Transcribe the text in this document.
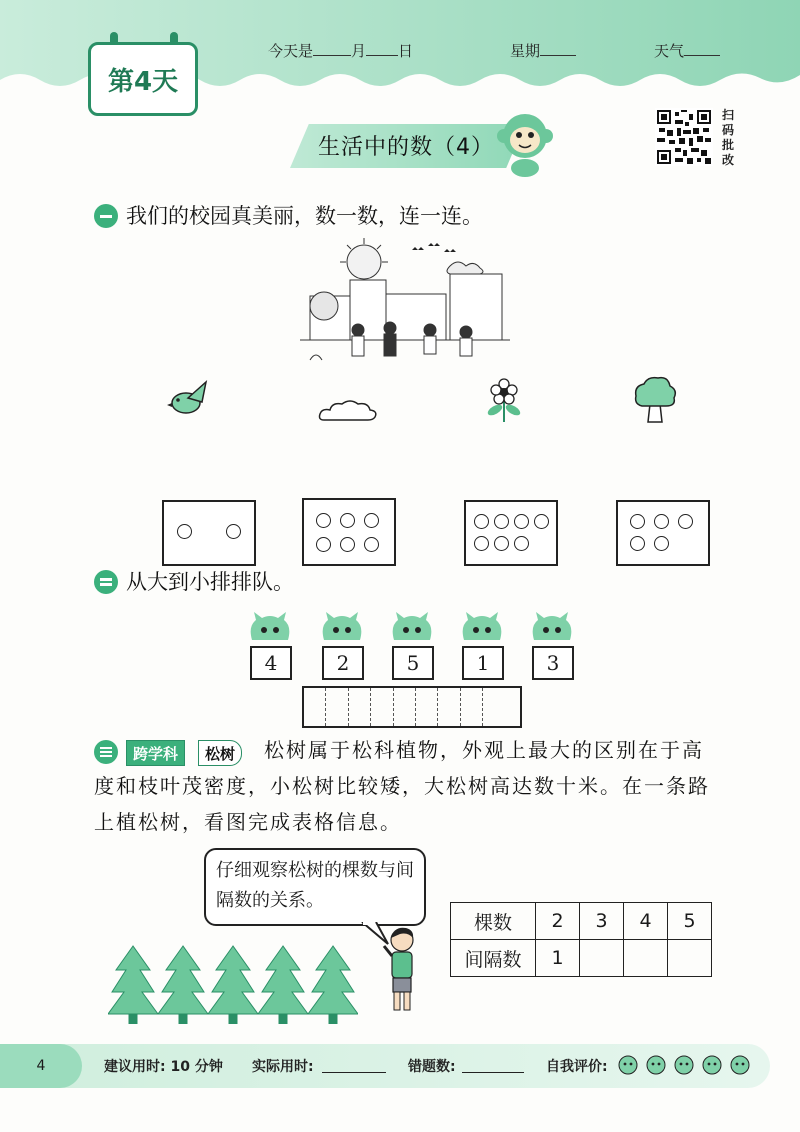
第4天
今天是	月 日	星期	天气
扫码批改
生活中的数（4）
我们的校园真美丽，数一数，连一连。
从大到小排排队。
4	2	5	1	3
跨学科	松树	松树属于松科植物，外观上最大的区别在于高度和枝叶茂密度，小松树比较矮，大松树高达数十米。在一条路上植松树，看图完成表格信息。
仔细观察松树的棵数与间隔数的关系。
棵数	2	3	4	5
间隔数	1			
4	建议用时: 10 分钟 实际用时:	错题数:	自我评价:
